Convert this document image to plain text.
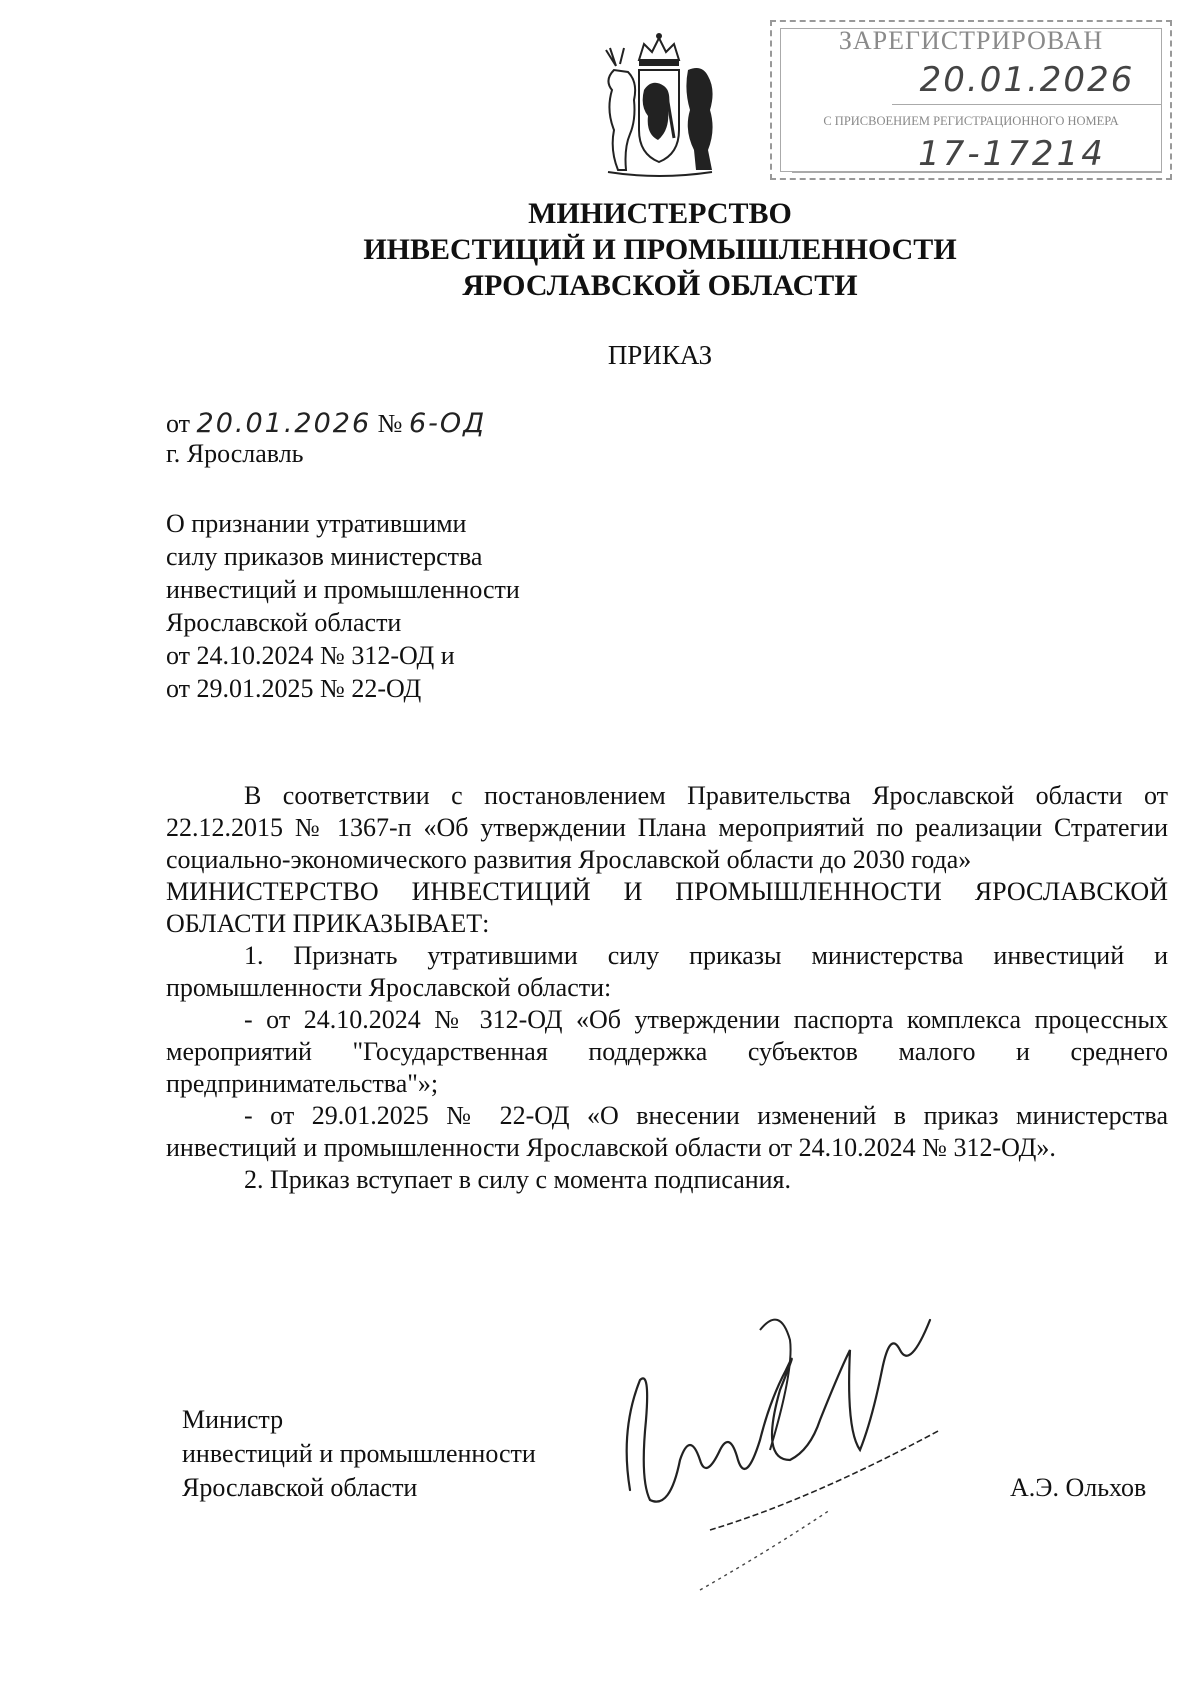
ЗАРЕГИСТРИРОВАН
20.01.2026
С ПРИСВОЕНИЕМ РЕГИСТРАЦИОННОГО НОМЕРА
17-17214
МИНИСТЕРСТВО
ИНВЕСТИЦИЙ И ПРОМЫШЛЕННОСТИ
ЯРОСЛАВСКОЙ ОБЛАСТИ
ПРИКАЗ
от 20.01.2026 № 6-ОД
г. Ярославль
О признании утратившими
силу приказов министерства
инвестиций и промышленности
Ярославской области
от 24.10.2024 № 312-ОД и
от 29.01.2025 № 22-ОД

В соответствии с постановлением Правительства Ярославской области от 22.12.2015 № 1367-п «Об утверждении Плана мероприятий по реализации Стратегии социально-экономического развития Ярославской области до 2030 года»

МИНИСТЕРСТВО ИНВЕСТИЦИЙ И ПРОМЫШЛЕННОСТИ ЯРОСЛАВСКОЙ ОБЛАСТИ ПРИКАЗЫВАЕТ:

1. Признать утратившими силу приказы министерства инвестиций и промышленности Ярославской области:

- от 24.10.2024 № 312-ОД «Об утверждении паспорта комплекса процессных мероприятий "Государственная поддержка субъектов малого и среднего предпринимательства"»;

- от 29.01.2025 № 22-ОД «О внесении изменений в приказ министерства инвестиций и промышленности Ярославской области от 24.10.2024 № 312-ОД».

2. Приказ вступает в силу с момента подписания.

Министр
инвестиций и промышленности
Ярославской области	А.Э. Ольхов
